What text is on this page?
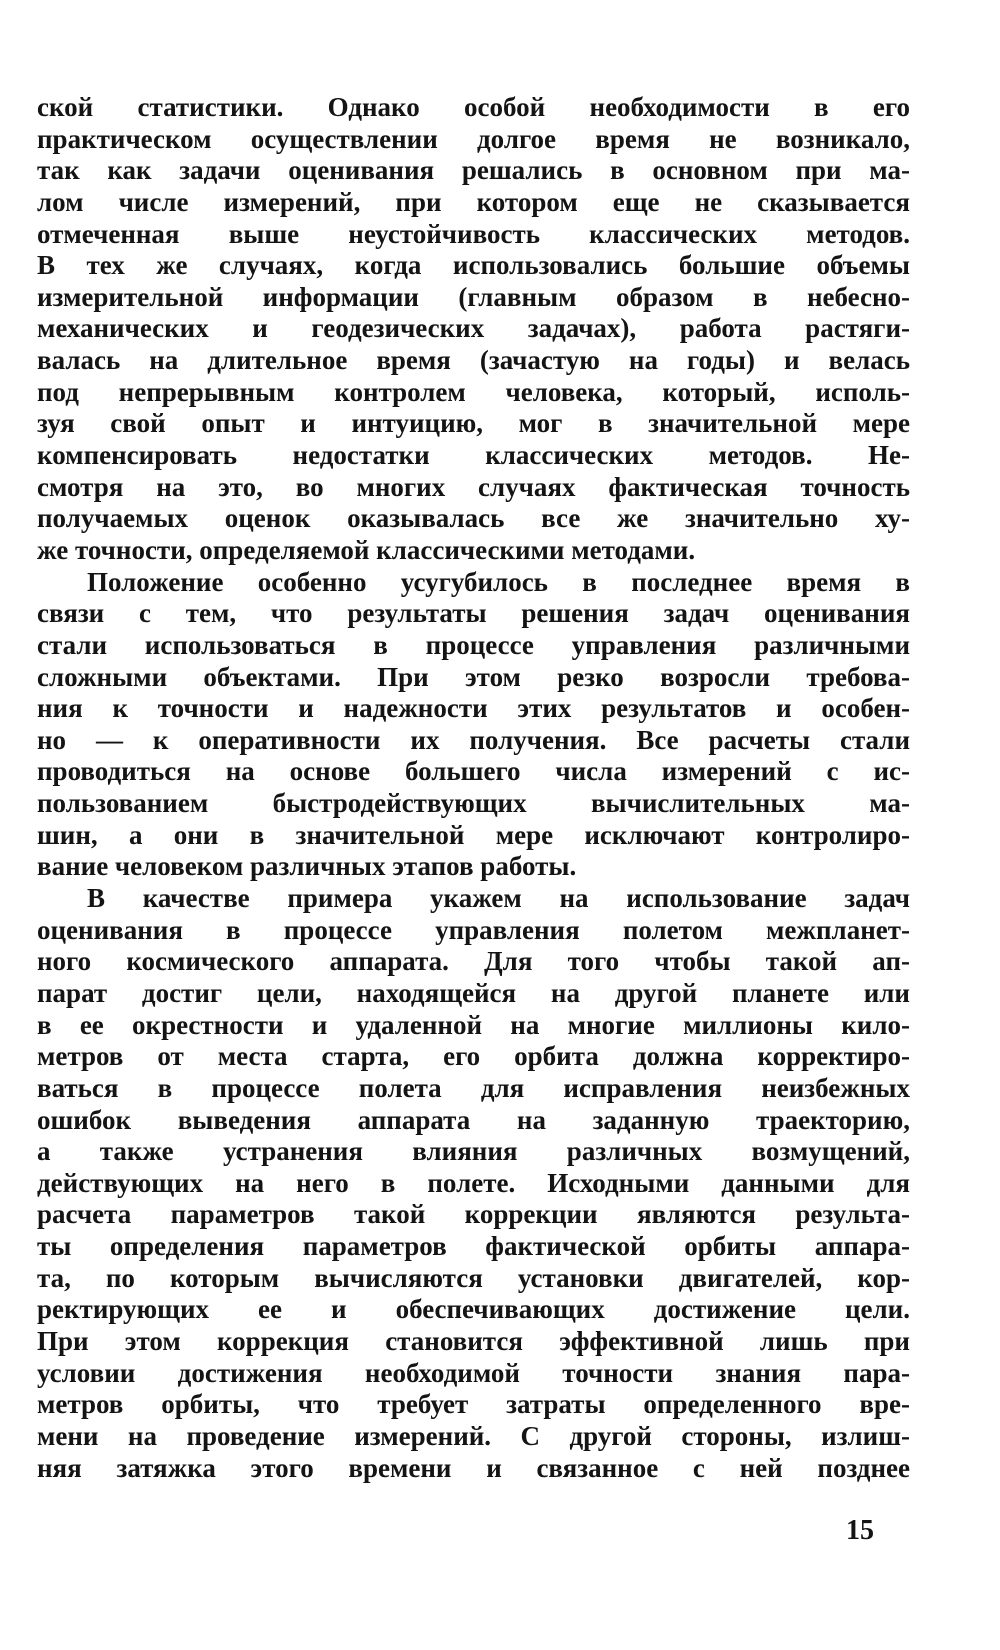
ской статистики. Однако особой необходимости в его
практическом осуществлении долгое время не возникало,
так как задачи оценивания решались в основном при ма-
лом числе измерений, при котором еще не сказывается
отмеченная выше неустойчивость классических методов.
В тех же случаях, когда использовались большие объемы
измерительной информации (главным образом в небесно-
механических и геодезических задачах), работа растяги-
валась на длительное время (зачастую на годы) и велась
под непрерывным контролем человека, который, исполь-
зуя свой опыт и интуицию, мог в значительной мере
компенсировать недостатки классических методов. Не-
смотря на это, во многих случаях фактическая точность
получаемых оценок оказывалась все же значительно ху-
же точности, определяемой классическими методами.
Положение особенно усугубилось в последнее время в
связи с тем, что результаты решения задач оценивания
стали использоваться в процессе управления различными
сложными объектами. При этом резко возросли требова-
ния к точности и надежности этих результатов и особен-
но — к оперативности их получения. Все расчеты стали
проводиться на основе большего числа измерений с ис-
пользованием быстродействующих вычислительных ма-
шин, а они в значительной мере исключают контролиро-
вание человеком различных этапов работы.
В качестве примера укажем на использование задач
оценивания в процессе управления полетом межпланет-
ного космического аппарата. Для того чтобы такой ап-
парат достиг цели, находящейся на другой планете или
в ее окрестности и удаленной на многие миллионы кило-
метров от места старта, его орбита должна корректиро-
ваться в процессе полета для исправления неизбежных
ошибок выведения аппарата на заданную траекторию,
а также устранения влияния различных возмущений,
действующих на него в полете. Исходными данными для
расчета параметров такой коррекции являются результа-
ты определения параметров фактической орбиты аппара-
та, по которым вычисляются установки двигателей, кор-
ректирующих ее и обеспечивающих достижение цели.
При этом коррекция становится эффективной лишь при
условии достижения необходимой точности знания пара-
метров орбиты, что требует затраты определенного вре-
мени на проведение измерений. С другой стороны, излиш-
няя затяжка этого времени и связанное с ней позднее
15
